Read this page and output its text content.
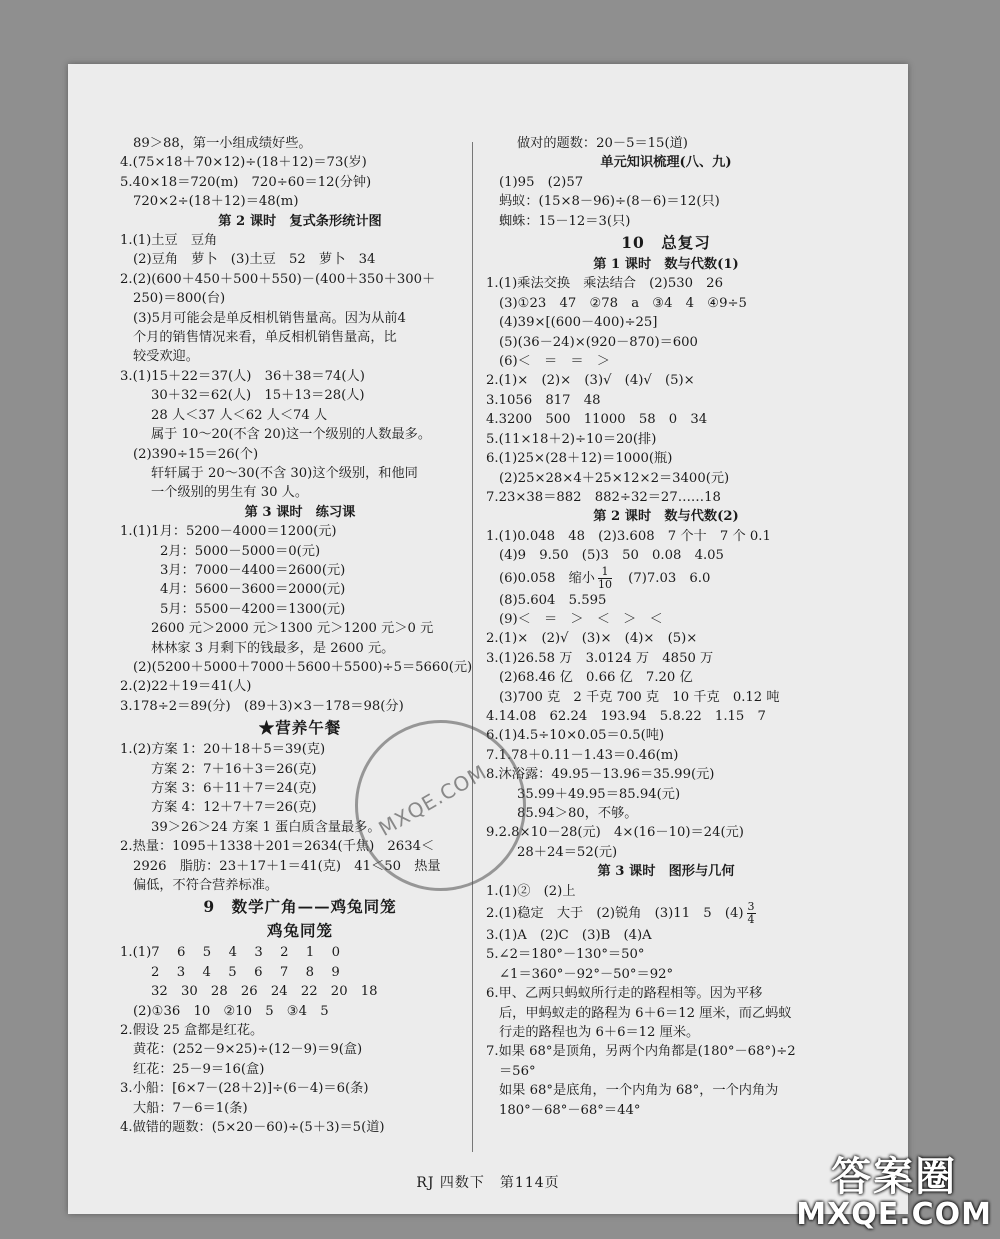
89＞88，第一小组成绩好些。
4.(75×18＋70×12)÷(18＋12)＝73(岁)
5.40×18＝720(m)　720÷60＝12(分钟)
720×2÷(18＋12)＝48(m)
第 2 课时　复式条形统计图
1.(1)土豆　豆角
(2)豆角　萝卜　(3)土豆　52　萝卜　34
2.(2)(600＋450＋500＋550)－(400＋350＋300＋
250)＝800(台)
(3)5月可能会是单反相机销售量高。因为从前4
个月的销售情况来看，单反相机销售量高，比
较受欢迎。
3.(1)15＋22＝37(人)　36＋38＝74(人)
30＋32＝62(人)　15＋13＝28(人)
28 人＜37 人＜62 人＜74 人
属于 10～20(不含 20)这一个级别的人数最多。
(2)390÷15＝26(个)
轩轩属于 20～30(不含 30)这个级别，和他同
一个级别的男生有 30 人。
第 3 课时　练习课
1.(1)1月：5200－4000＝1200(元)
2月：5000－5000＝0(元)
3月：7000－4400＝2600(元)
4月：5600－3600＝2000(元)
5月：5500－4200＝1300(元)
2600 元＞2000 元＞1300 元＞1200 元＞0 元
林林家 3 月剩下的钱最多，是 2600 元。
(2)(5200＋5000＋7000＋5600＋5500)÷5＝5660(元)
2.(2)22＋19＝41(人)
3.178÷2＝89(分)　(89＋3)×3－178＝98(分)
★营养午餐
1.(2)方案 1：20＋18＋5＝39(克)
方案 2：7＋16＋3＝26(克)
方案 3：6＋11＋7＝24(克)
方案 4：12＋7＋7＝26(克)
39＞26＞24 方案 1 蛋白质含量最多。
2.热量：1095＋1338＋201＝2634(千焦)　2634＜
2926　脂肪：23＋17＋1＝41(克)　41＜50　热量
偏低，不符合营养标准。
9　数学广角——鸡兔同笼
鸡兔同笼
1.(1)7　 6　 5　 4　 3　 2　 1　 0
2　 3　 4　 5　 6　 7　 8　 9
32　30　28　26　24　22　20　18
(2)①36　10　②10　5　③4　5
2.假设 25 盒都是红花。
黄花：(252－9×25)÷(12－9)＝9(盒)
红花：25－9＝16(盒)
3.小船：[6×7－(28＋2)]÷(6－4)＝6(条)
大船：7－6＝1(条)
4.做错的题数：(5×20－60)÷(5＋3)＝5(道)
做对的题数：20－5＝15(道)
单元知识梳理(八、九)
(1)95　(2)57
蚂蚁：(15×8－96)÷(8－6)＝12(只)
蜘蛛：15－12＝3(只)
10　总复习
第 1 课时　数与代数(1)
1.(1)乘法交换　乘法结合　(2)530　26
(3)①23　47　②78　a　③4　4　④9÷5
(4)39×[(600－400)÷25]
(5)(36－24)×(920－870)＝600
(6)＜　＝　＝　＞
2.(1)×　(2)×　(3)√　(4)√　(5)×
3.1056　817　48
4.3200　500　11000　58　0　34
5.(11×18＋2)÷10＝20(排)
6.(1)25×(28＋12)＝1000(瓶)
(2)25×28×4＋25×12×2＝3400(元)
7.23×38＝882　882÷32＝27……18
第 2 课时　数与代数(2)
1.(1)0.048　48　(2)3.608　7 个十　7 个 0.1
(4)9　9.50　(5)3　50　0.08　4.05
(6)0.058　缩小 $\frac{1}{10}$ 　(7)7.03　6.0
(8)5.604　5.595
(9)＜　＝　＞　＜　＞　＜
2.(1)×　(2)√　(3)×　(4)×　(5)×
3.(1)26.58 万　3.0124 万　4850 万
(2)68.46 亿　0.66 亿　7.20 亿
(3)700 克　2 千克 700 克　10 千克　0.12 吨
4.14.08　62.24　193.94　5.8.22　1.15　7
6.(1)4.5÷10×0.05＝0.5(吨)
7.1.78＋0.11－1.43＝0.46(m)
8.沐浴露：49.95－13.96＝35.99(元)
35.99＋49.95＝85.94(元)
85.94＞80，不够。
9.2.8×10－28(元)　4×(16－10)＝24(元)
28＋24＝52(元)
第 3 课时　图形与几何
1.(1)②　(2)上
2.(1)稳定　大于　(2)锐角　(3)11　5　$(4) \frac{3}{4}$
3.(1)A　(2)C　(3)B　(4)A
5.∠2＝180°－130°＝50°
∠1＝360°－92°－50°＝92°
6.甲、乙两只蚂蚁所行走的路程相等。因为平移
后，甲蚂蚁走的路程为 6＋6＝12 厘米，而乙蚂蚁
行走的路程也为 6＋6＝12 厘米。
7.如果 68°是顶角，另两个内角都是(180°－68°)÷2
＝56°
如果 68°是底角，一个内角为 68°，一个内角为
180°－68°－68°＝44°
RJ 四数下　第114页
MXQE.COM
答案圈
MXQE.COM
